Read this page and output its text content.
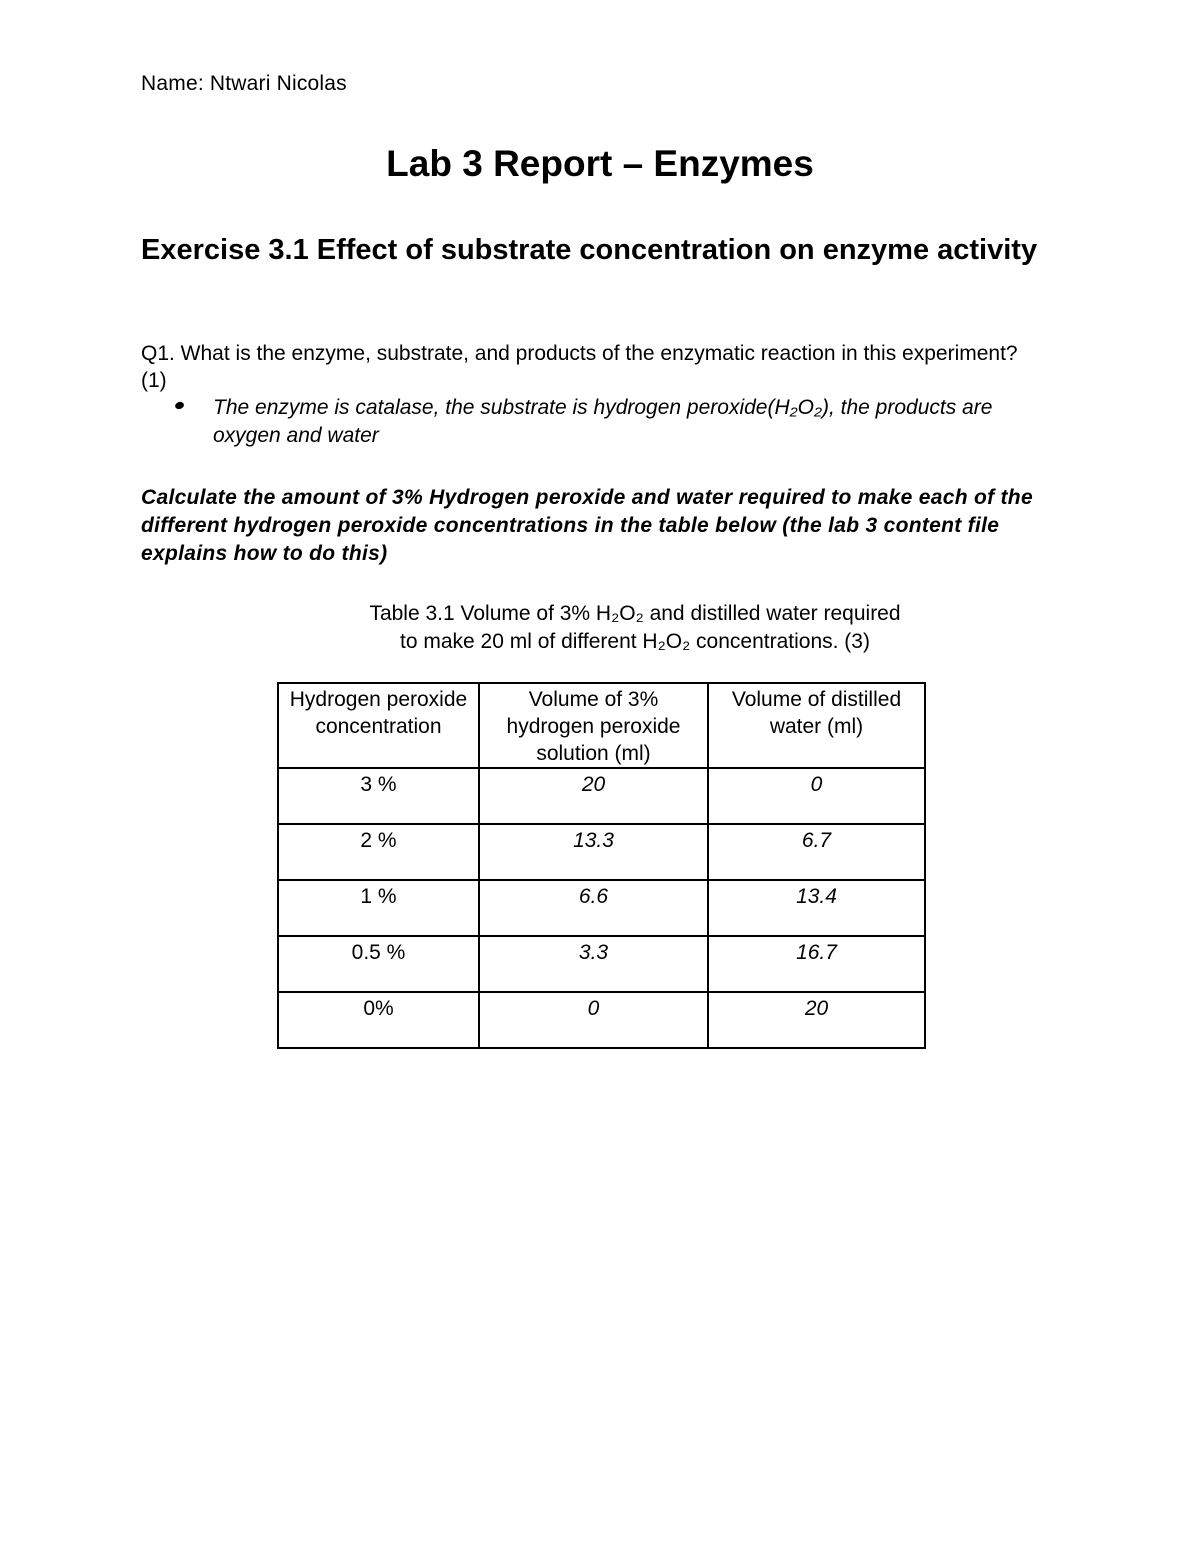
Name: Ntwari Nicolas
Lab 3 Report – Enzymes
Exercise 3.1 Effect of substrate concentration on enzyme activity
Q1. What is the enzyme, substrate, and products of the enzymatic reaction in this experiment? (1)
The enzyme is catalase, the substrate is hydrogen peroxide(H₂O₂), the products are oxygen and water
Calculate the amount of 3% Hydrogen peroxide and water required to make each of the different hydrogen peroxide concentrations in the table below (the lab 3 content file explains how to do this)
Table 3.1 Volume of 3% H₂O₂ and distilled water required
to make 20 ml of different H₂O₂ concentrations. (3)
Hydrogen peroxide concentration	Volume of 3% hydrogen peroxide solution (ml)	Volume of distilled water (ml)
3 %	20	0
2 %	13.3	6.7
1 %	6.6	13.4
0.5 %	3.3	16.7
0%	0	20
